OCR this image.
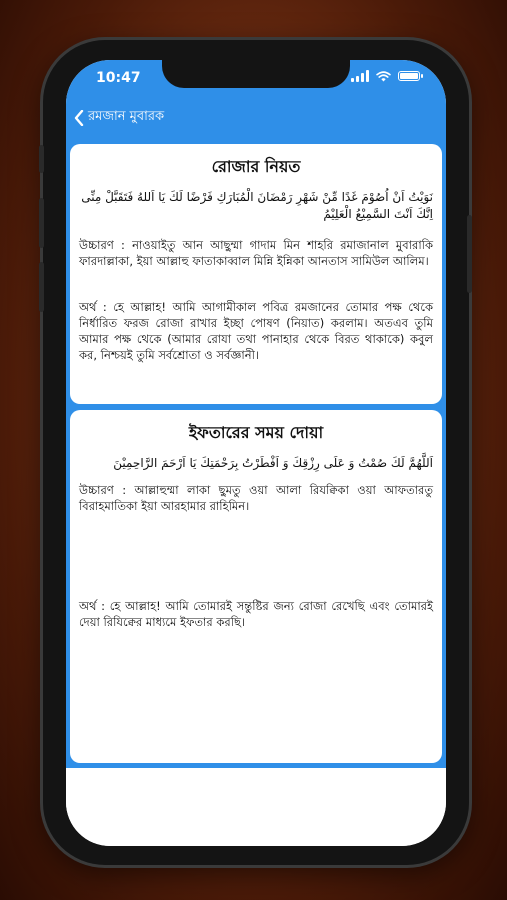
10:47
রমজান মুবারক
রোজার নিয়ত
نَوَيْتُ اَنْ اُصُوْمَ غَدًا مِّنْ شَهْرِ رَمْضَانَ الْمُبَارَكِ فَرْضًا لَكَ يَا اَللهُ فَتَقَبَّلْ مِنِّى اِنَّكَ اَنْتَ السَّمِيْعُ الْعَلِيْمُ
উচ্চারণ : নাওয়াইতু আন আছুম্মা গাদাম মিন শাহরি রমাজানাল মুবারাকি ফারদাল্লাকা, ইয়া আল্লাহু ফাতাকাব্বাল মিন্নি ইন্নিকা আনতাস সামিউল আলিম।
অর্থ : হে আল্লাহ! আমি আগামীকাল পবিত্র রমজানের তোমার পক্ষ থেকে নির্ধারিত ফরজ রোজা রাখার ইচ্ছা পোষণ (নিয়াত) করলাম। অতএব তুমি আমার পক্ষ থেকে (আমার রোযা তথা পানাহার থেকে বিরত থাকাকে) কবুল কর, নিশ্চয়ই তুমি সর্বশ্রোতা ও সর্বজ্ঞানী।
ইফতারের সময় দোয়া
اَللَّهُمَّ لَكَ صُمْتُ وَ عَلَى رِزْقِكَ وَ اَفْطَرْتُ بِرَحْمَتِكَ يَا اَرْحَمَ الرَّاحِمِيْنَ
উচ্চারণ : আল্লাহুম্মা লাকা ছুমতু ওয়া আলা রিযক্বিকা ওয়া আফতারতু বিরাহমাতিকা ইয়া আরহামার রাহিমিন।
অর্থ : হে আল্লাহ! আমি তোমারই সন্তুষ্টির জন্য রোজা রেখেছি এবং তোমারই দেয়া রিযিক্বের মাধ্যমে ইফতার করছি।
